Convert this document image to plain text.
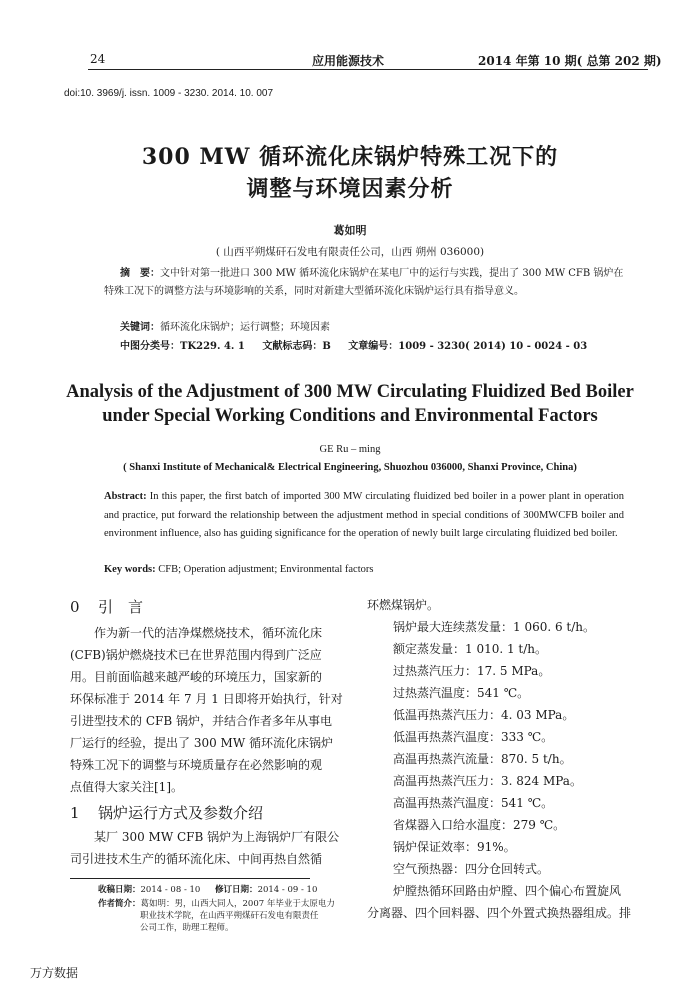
24	应用能源技术	2014 年第 10 期( 总第 202 期)
doi:10. 3969/j. issn. 1009 - 3230. 2014. 10. 007
300 MW 循环流化床锅炉特殊工况下的
调整与环境因素分析
葛如明
( 山西平朔煤矸石发电有限责任公司，山西 朔州 036000)
摘　要：文中针对第一批进口 300 MW 循环流化床锅炉在某电厂中的运行与实践，提出了 300 MW CFB 锅炉在特殊工况下的调整方法与环境影响的关系，同时对新建大型循环流化床锅炉运行具有指导意义。
关键词：循环流化床锅炉；运行调整；环境因素
中图分类号：TK229. 4. 1 文献标志码：B 文章编号：1009 - 3230( 2014) 10 - 0024 - 03
Analysis of the Adjustment of 300 MW Circulating Fluidized Bed Boiler
under Special Working Conditions and Environmental Factors
GE Ru – ming
( Shanxi Institute of Mechanical& Electrical Engineering, Shuozhou 036000, Shanxi Province, China)
Abstract: In this paper, the first batch of imported 300 MW circulating fluidized bed boiler in a power plant in operation and practice, put forward the relationship between the adjustment method in special conditions of 300MWCFB boiler and environment influence, also has guiding significance for the operation of newly built large circulating fluidized bed boiler.
Key words: CFB; Operation adjustment; Environmental factors
0 引　言
作为新一代的洁净煤燃烧技术，循环流化床
(CFB)锅炉燃烧技术已在世界范围内得到广泛应
用。目前面临越来越严峻的环境压力，国家新的
环保标准于 2014 年 7 月 1 日即将开始执行，针对
引进型技术的 CFB 锅炉，并结合作者多年从事电
厂运行的经验，提出了 300 MW 循环流化床锅炉
特殊工况下的调整与环境质量存在必然影响的观
点值得大家关注[1]。
1 锅炉运行方式及参数介绍
某厂 300 MW CFB 锅炉为上海锅炉厂有限公
司引进技术生产的循环流化床、中间再热自然循
收稿日期：2014 - 08 - 10 修订日期：2014 - 09 - 10
作者简介：葛如明：男，山西大同人，2007 年毕业于太原电力
职业技术学院，在山西平朔煤矸石发电有限责任
公司工作，助理工程师。
环燃煤锅炉。
锅炉最大连续蒸发量：1 060. 6 t/h。
额定蒸发量：1 010. 1 t/h。
过热蒸汽压力：17. 5 MPa。
过热蒸汽温度：541 ℃。
低温再热蒸汽压力：4. 03 MPa。
低温再热蒸汽温度：333 ℃。
高温再热蒸汽流量：870. 5 t/h。
高温再热蒸汽压力：3. 824 MPa。
高温再热蒸汽温度：541 ℃。
省煤器入口给水温度：279 ℃。
锅炉保证效率：91%。
空气预热器：四分仓回转式。
炉膛热循环回路由炉膛、四个偏心布置旋风
分离器、四个回料器、四个外置式换热器组成。排
万方数据
